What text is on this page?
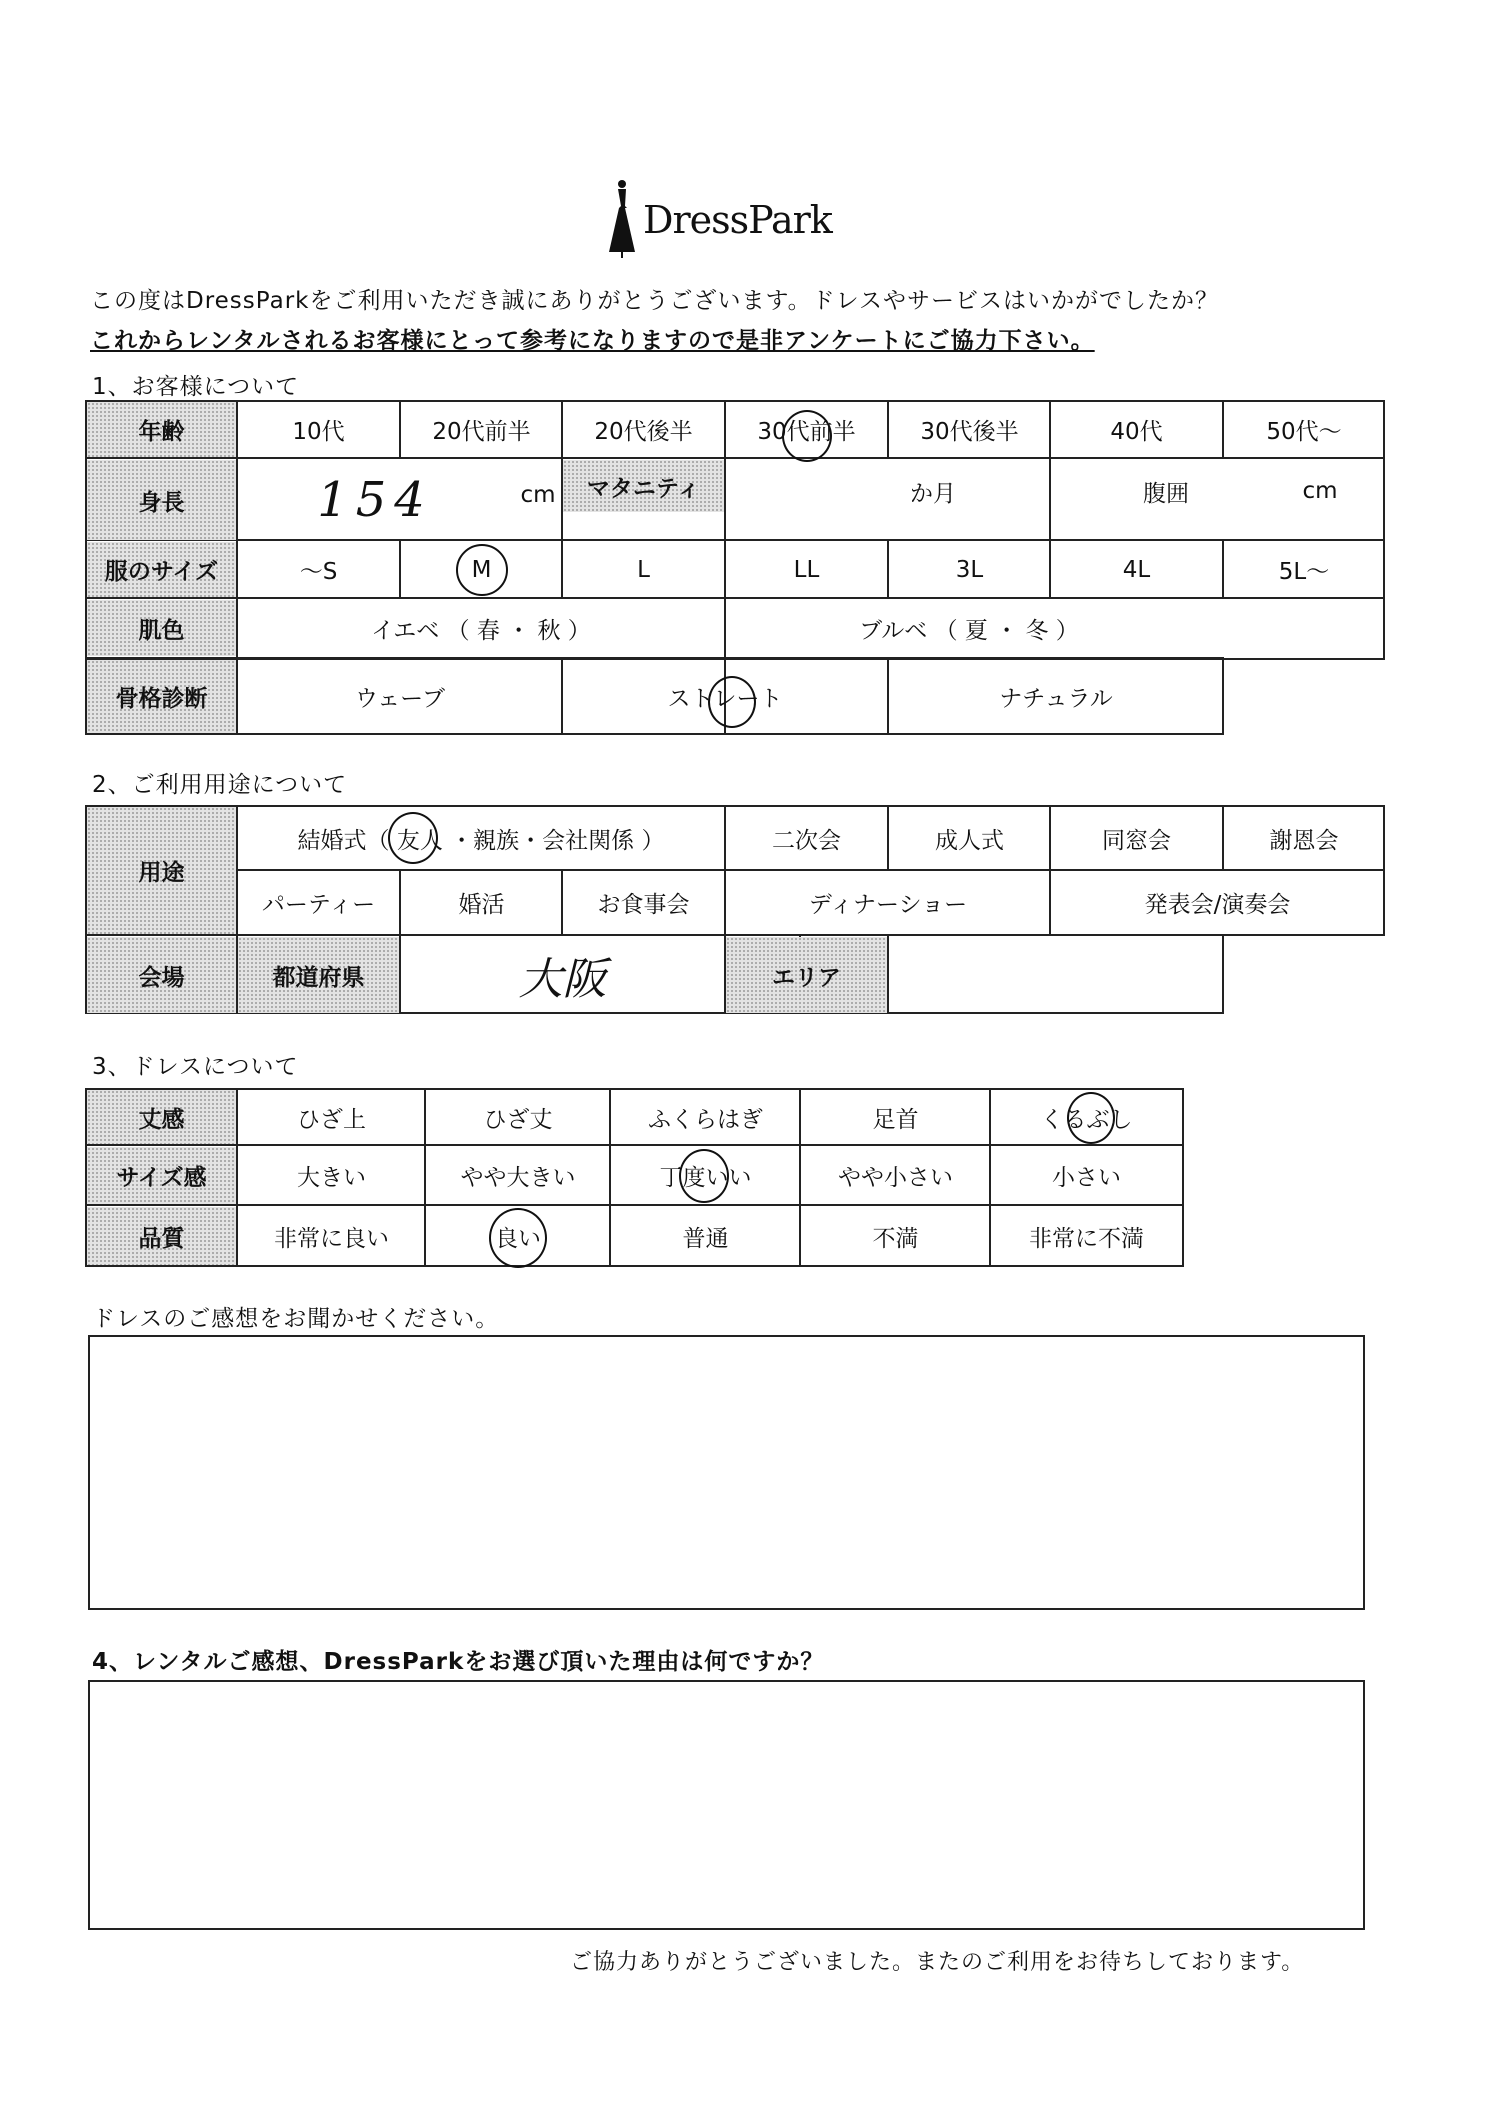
DressPark
この度はDressParkをご利用いただき誠にありがとうございます。ドレスやサービスはいかがでしたか？
これからレンタルされるお客様にとって参考になりますので是非アンケートにご協力下さい。
1、お客様について
年齢	10代	20代前半	20代後半	30代前半	30代後半	40代	50代〜
身長	154	cm	マタニティ	か月	腹囲	cm
服のサイズ	〜S	M	L	LL	3L	4L	5L〜
肌色	イエベ （ 春 ・ 秋 ）	ブルベ （ 夏 ・ 冬 ）
骨格診断	ウェーブ	ストレート	ナチュラル
2、ご利用用途について
用途
結婚式（ 友人 ・親族・会社関係 ）	二次会	成人式	同窓会	謝恩会
パーティー	婚活	お食事会	ディナーショー	発表会/演奏会
会場	都道府県	大阪	エリア
3、ドレスについて
丈感	ひざ上	ひざ丈	ふくらはぎ	足首	くるぶし
サイズ感	大きい	やや大きい	丁度いい	やや小さい	小さい
品質	非常に良い	良い	普通	不満	非常に不満
ドレスのご感想をお聞かせください。
4、レンタルご感想、DressParkをお選び頂いた理由は何ですか？
ご協力ありがとうございました。またのご利用をお待ちしております。
